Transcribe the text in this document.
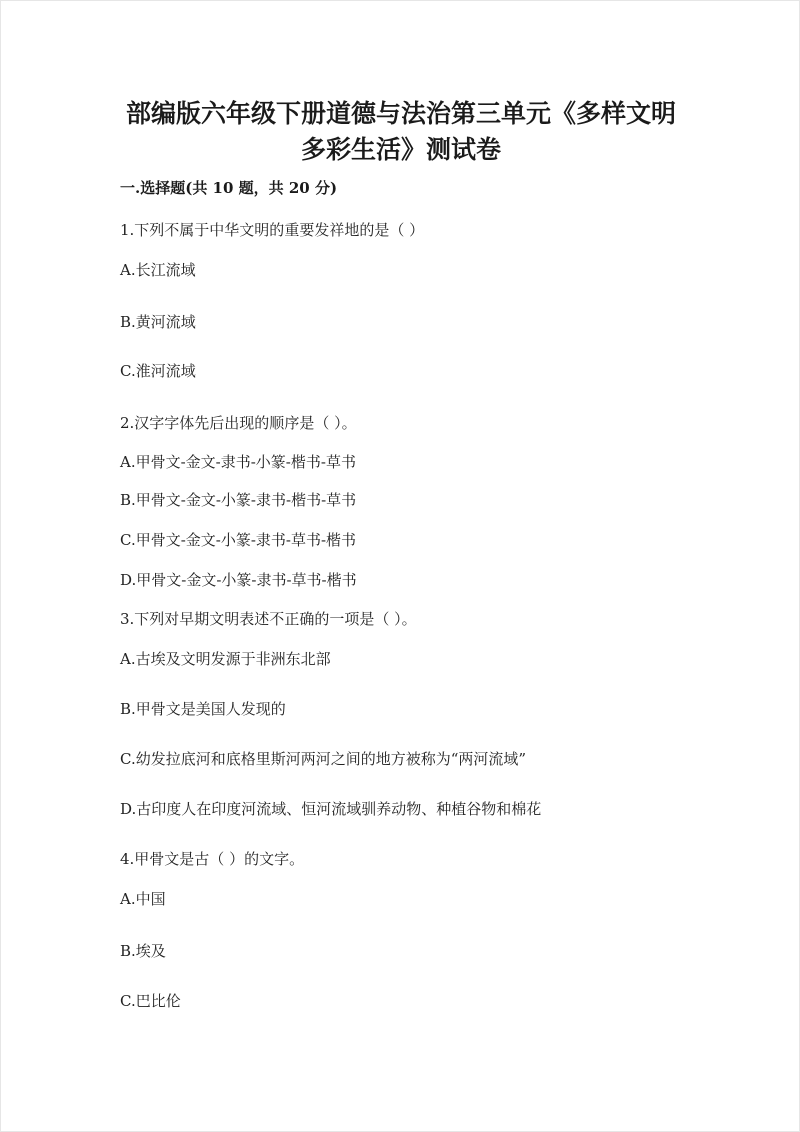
部编版六年级下册道德与法治第三单元《多样文明
多彩生活》测试卷
一.选择题(共 10 题，共 20 分)
1.下列不属于中华文明的重要发祥地的是（ ）
A.长江流域
B.黄河流域
C.淮河流域
2.汉字字体先后出现的顺序是（ ）。
A.甲骨文-金文-隶书-小篆-楷书-草书
B.甲骨文-金文-小篆-隶书-楷书-草书
C.甲骨文-金文-小篆-隶书-草书-楷书
D.甲骨文-金文-小篆-隶书-草书-楷书
3.下列对早期文明表述不正确的一项是（ ）。
A.古埃及文明发源于非洲东北部
B.甲骨文是美国人发现的
C.幼发拉底河和底格里斯河两河之间的地方被称为“两河流域”
D.古印度人在印度河流域、恒河流域驯养动物、种植谷物和棉花
4.甲骨文是古（ ）的文字。
A.中国
B.埃及
C.巴比伦
